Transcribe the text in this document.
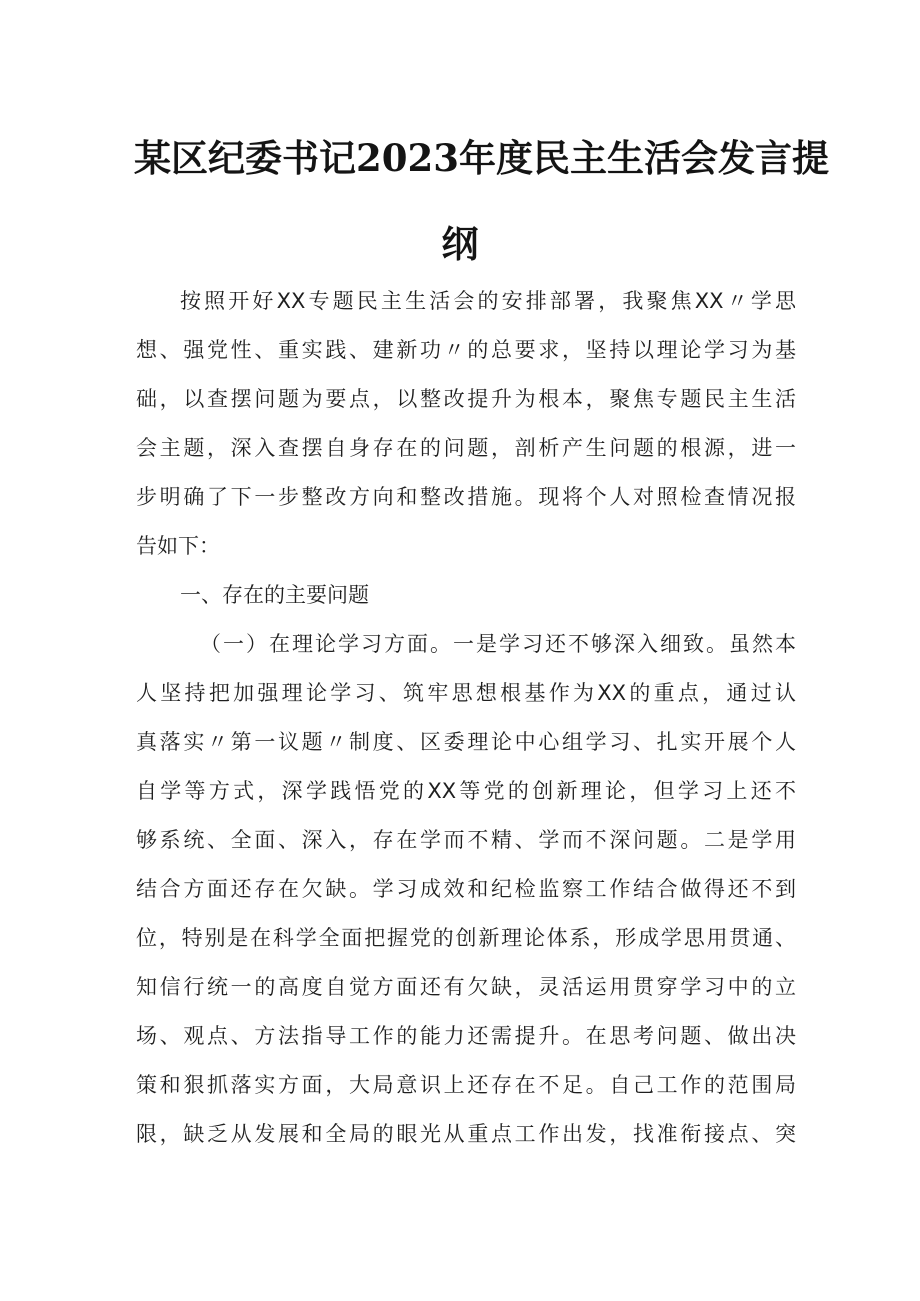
某区纪委书记2023年度民主生活会发言提
纲
按照开好XX专题民主生活会的安排部署，我聚焦XX〃学思
想、强党性、重实践、建新功〃的总要求，坚持以理论学习为基
础，以查摆问题为要点，以整改提升为根本，聚焦专题民主生活
会主题，深入查摆自身存在的问题，剖析产生问题的根源，进一
步明确了下一步整改方向和整改措施。现将个人对照检查情况报
告如下：
一、存在的主要问题
（一）在理论学习方面。一是学习还不够深入细致。虽然本
人坚持把加强理论学习、筑牢思想根基作为XX的重点，通过认
真落实〃第一议题〃制度、区委理论中心组学习、扎实开展个人
自学等方式，深学践悟党的XX等党的创新理论，但学习上还不
够系统、全面、深入，存在学而不精、学而不深问题。二是学用
结合方面还存在欠缺。学习成效和纪检监察工作结合做得还不到
位，特别是在科学全面把握党的创新理论体系，形成学思用贯通、
知信行统一的高度自觉方面还有欠缺，灵活运用贯穿学习中的立
场、观点、方法指导工作的能力还需提升。在思考问题、做出决
策和狠抓落实方面，大局意识上还存在不足。自己工作的范围局
限，缺乏从发展和全局的眼光从重点工作出发，找准衔接点、突
